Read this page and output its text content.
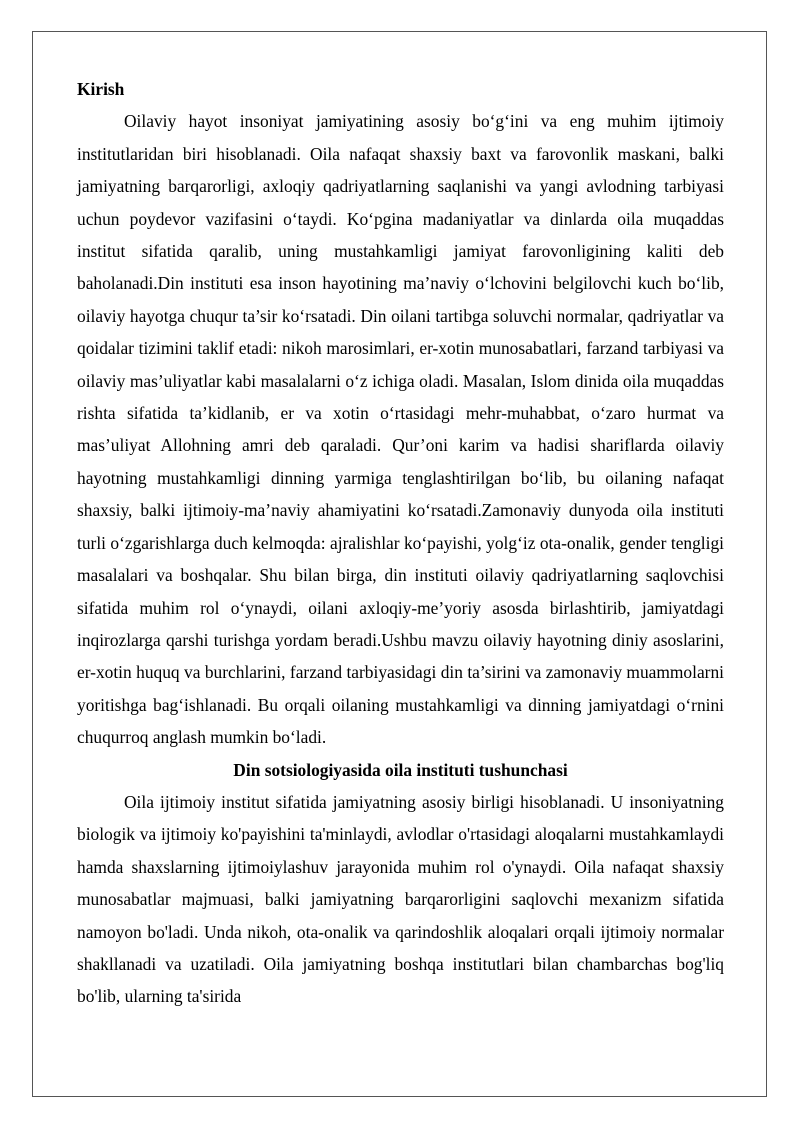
Kirish

Oilaviy hayot insoniyat jamiyatining asosiy bo‘g‘ini va eng muhim ijtimoiy institutlaridan biri hisoblanadi. Oila nafaqat shaxsiy baxt va farovonlik maskani, balki jamiyatning barqarorligi, axloqiy qadriyatlarning saqlanishi va yangi avlodning tarbiyasi uchun poydevor vazifasini o‘taydi. Ko‘pgina madaniyatlar va dinlarda oila muqaddas institut sifatida qaralib, uning mustahkamligi jamiyat farovonligining kaliti deb baholanadi.Din instituti esa inson hayotining ma’naviy o‘lchovini belgilovchi kuch bo‘lib, oilaviy hayotga chuqur ta’sir ko‘rsatadi. Din oilani tartibga soluvchi normalar, qadriyatlar va qoidalar tizimini taklif etadi: nikoh marosimlari, er-xotin munosabatlari, farzand tarbiyasi va oilaviy mas’uliyatlar kabi masalalarni o‘z ichiga oladi. Masalan, Islom dinida oila muqaddas rishta sifatida ta’kidlanib, er va xotin o‘rtasidagi mehr-muhabbat, o‘zaro hurmat va mas’uliyat Allohning amri deb qaraladi. Qur’oni karim va hadisi shariflarda oilaviy hayotning mustahkamligi dinning yarmiga tenglashtirilgan bo‘lib, bu oilaning nafaqat shaxsiy, balki ijtimoiy-ma’naviy ahamiyatini ko‘rsatadi.Zamonaviy dunyoda oila instituti turli o‘zgarishlarga duch kelmoqda: ajralishlar ko‘payishi, yolg‘iz ota-onalik, gender tengligi masalalari va boshqalar. Shu bilan birga, din instituti oilaviy qadriyatlarning saqlovchisi sifatida muhim rol o‘ynaydi, oilani axloqiy-me’yoriy asosda birlashtirib, jamiyatdagi inqirozlarga qarshi turishga yordam beradi.Ushbu mavzu oilaviy hayotning diniy asoslarini, er-xotin huquq va burchlarini, farzand tarbiyasidagi din ta’sirini va zamonaviy muammolarni yoritishga bag‘ishlanadi. Bu orqali oilaning mustahkamligi va dinning jamiyatdagi o‘rnini chuqurroq anglash mumkin bo‘ladi.

Din sotsiologiyasida oila instituti tushunchasi

Oila ijtimoiy institut sifatida jamiyatning asosiy birligi hisoblanadi. U insoniyatning biologik va ijtimoiy ko'payishini ta'minlaydi, avlodlar o'rtasidagi aloqalarni mustahkamlaydi hamda shaxslarning ijtimoiylashuv jarayonida muhim rol o'ynaydi. Oila nafaqat shaxsiy munosabatlar majmuasi, balki jamiyatning barqarorligini saqlovchi mexanizm sifatida namoyon bo'ladi. Unda nikoh, ota-onalik va qarindoshlik aloqalari orqali ijtimoiy normalar shakllanadi va uzatiladi. Oila jamiyatning boshqa institutlari bilan chambarchas bog'liq bo'lib, ularning ta'sirida
